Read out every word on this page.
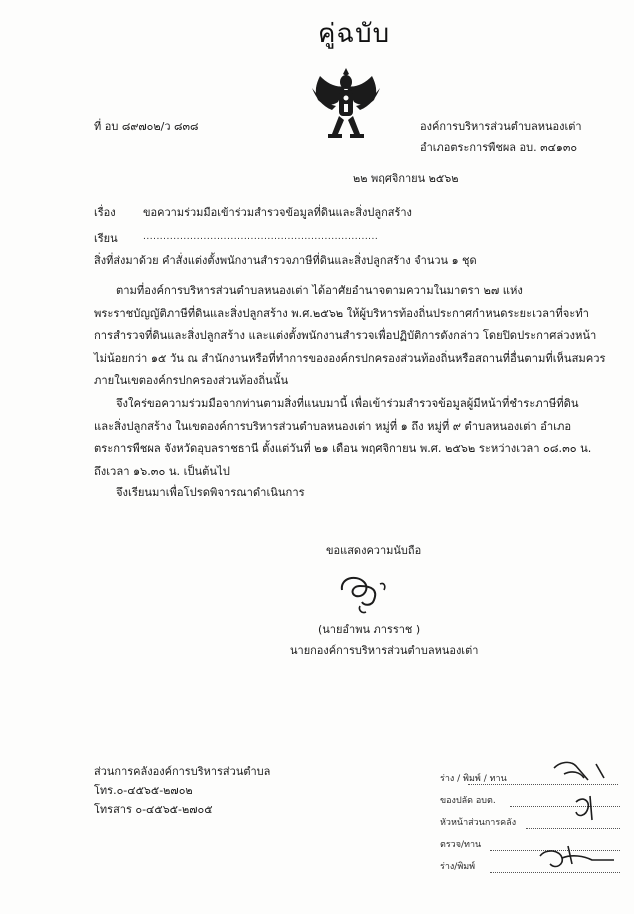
คู่ฉบับ
ที่ อบ ๘๙๗๐๒/ว ๘๓๘	องค์การบริหารส่วนตำบลหนองเต่า
อำเภอตระการพืชผล อบ. ๓๔๑๓๐
๒๒ พฤศจิกายน ๒๕๖๒
เรื่อง ขอความร่วมมือเข้าร่วมสำรวจข้อมูลที่ดินและสิ่งปลูกสร้าง
เรียน	......................................................................
สิ่งที่ส่งมาด้วย คำสั่งแต่งตั้งพนักงานสำรวจภาษีที่ดินและสิ่งปลูกสร้าง จำนวน ๑ ชุด

ตามที่องค์การบริหารส่วนตำบลหนองเต่า ได้อาศัยอำนาจตามความในมาตรา ๒๗ แห่ง

พระราชบัญญัติภาษีที่ดินและสิ่งปลูกสร้าง พ.ศ.๒๕๖๒ ให้ผู้บริหารท้องถิ่นประกาศกำหนดระยะเวลาที่จะทำ

การสำรวจที่ดินและสิ่งปลูกสร้าง และแต่งตั้งพนักงานสำรวจเพื่อปฏิบัติการดังกล่าว โดยปิดประกาศล่วงหน้า

ไม่น้อยกว่า ๑๕ วัน ณ สำนักงานหรือที่ทำการขององค์กรปกครองส่วนท้องถิ่นหรือสถานที่อื่นตามที่เห็นสมควร

ภายในเขตองค์กรปกครองส่วนท้องถิ่นนั้น

จึงใคร่ขอความร่วมมือจากท่านตามสิ่งที่แนบมานี้ เพื่อเข้าร่วมสำรวจข้อมูลผู้มีหน้าที่ชำระภาษีที่ดิน

และสิ่งปลูกสร้าง ในเขตองค์การบริหารส่วนตำบลหนองเต่า หมู่ที่ ๑ ถึง หมู่ที่ ๙ ตำบลหนองเต่า อำเภอ

ตระการพืชผล จังหวัดอุบลราชธานี ตั้งแต่วันที่ ๒๑ เดือน พฤศจิกายน พ.ศ. ๒๕๖๒ ระหว่างเวลา ๐๘.๓๐ น.

ถึงเวลา ๑๖.๓๐ น. เป็นต้นไป

จึงเรียนมาเพื่อโปรดพิจารณาดำเนินการ

ขอแสดงความนับถือ
(นายอำพน ภารราช )
นายกองค์การบริหารส่วนตำบลหนองเต่า
ส่วนการคลังองค์การบริหารส่วนตำบล
โทร.๐-๔๕๖๕-๒๗๐๒
โทรสาร ๐-๔๕๖๕-๒๗๐๕
ร่าง / พิมพ์ / ทาน
ของปลัด อบต.
หัวหน้าส่วนการคลัง
ตรวจ/ทาน
ร่าง/พิมพ์
